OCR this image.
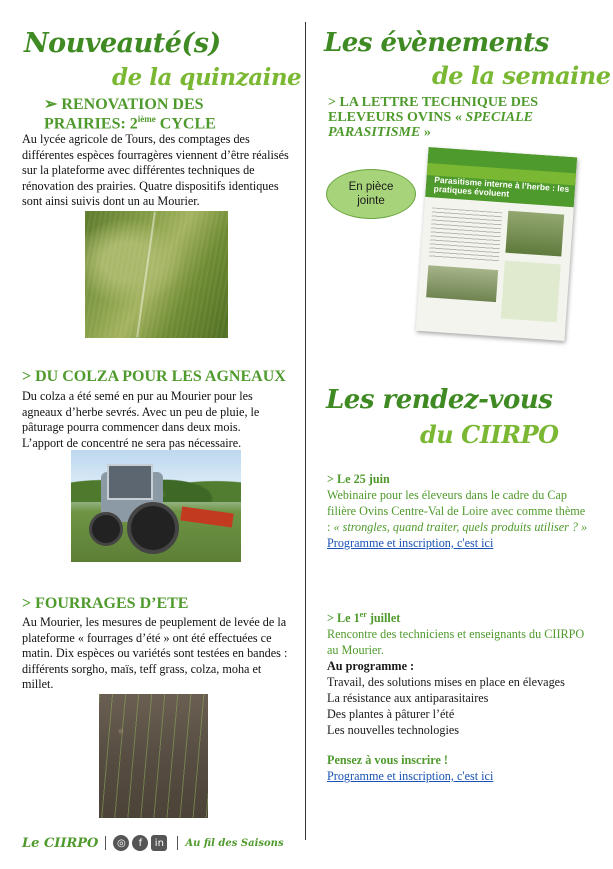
Nouveauté(s)
de la quinzaine
➢ RENOVATION DES PRAIRIES: 2ième CYCLE
Au lycée agricole de Tours, des comptages des différentes espèces fourragères viennent d’être réalisés sur la plateforme avec différentes techniques de rénovation des prairies. Quatre dispositifs identiques sont ainsi suivis dont un au Mourier.
> DU COLZA POUR LES AGNEAUX
Du colza a été semé en pur au Mourier pour les agneaux d’herbe sevrés. Avec un peu de pluie, le pâturage pourra commencer dans deux mois. L’apport de concentré ne sera pas nécessaire.
> FOURRAGES D’ETE
Au Mourier, les mesures de peuplement de levée de la plateforme « fourrages d’été » ont été effectuées ce matin. Dix espèces ou variétés sont testées en bandes : différents sorgho, maïs, teff grass, colza, moha et millet.
Les évènements
de la semaine
> LA LETTRE TECHNIQUE DES ELEVEURS OVINS « SPECIALE PARASITISME »
En pièce jointe
Parasitisme interne à l’herbe : les pratiques évoluent
Les rendez-vous
du CIIRPO
> Le 25 juin
Webinaire pour les éleveurs dans le cadre du Cap filière Ovins Centre-Val de Loire avec comme thème : « strongles, quand traiter, quels produits utiliser ? » Programme et inscription, c'est ici
> Le 1er juillet
Rencontre des techniciens et enseignants du CIIRPO au Mourier.
Au programme :
Travail, des solutions mises en place en élevages
La résistance aux antiparasitaires
Des plantes à pâturer l’été
Les nouvelles technologies
Pensez à vous inscrire !
Programme et inscription, c'est ici
Le CIIRPO	◎	f	in	Au fil des Saisons
